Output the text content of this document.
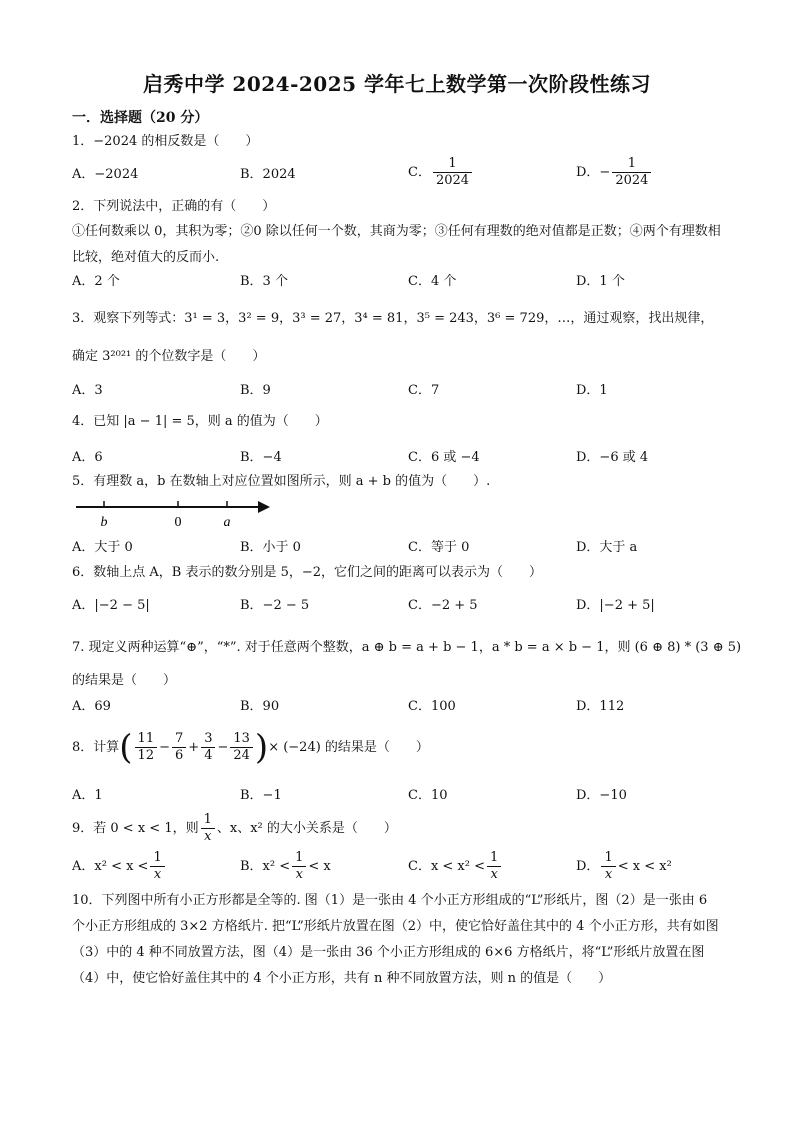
启秀中学 2024-2025 学年七上数学第一次阶段性练习
一．选择题（20 分）
1．−2024 的相反数是（　　）
A．−2024	B．2024	C． $\frac{1}{2024}$	D．− $\frac{1}{2024}$
2．下列说法中，正确的有（　　）
①任何数乘以 0，其积为零；②0 除以任何一个数，其商为零；③任何有理数的绝对值都是正数；④两个有理数相比较，绝对值大的反而小.
A．2 个	B．3 个	C．4 个	D．1 个
3．观察下列等式：3¹ = 3，3² = 9，3³ = 27，3⁴ = 81，3⁵ = 243，3⁶ = 729，…，通过观察，找出规律，
确定 3²⁰²¹ 的个位数字是（　　）
A．3	B．9	C．7	D．1
4．已知 |a − 1| = 5，则 a 的值为（　　）
A．6	B．−4	C．6 或 −4	D．−6 或 4
5．有理数 a，b 在数轴上对应位置如图所示，则 a + b 的值为（　　）.
b	0	a
A．大于 0	B．小于 0	C．等于 0	D．大于 a
6．数轴上点 A，B 表示的数分别是 5，−2，它们之间的距离可以表示为（　　）
A．|−2 − 5|	B．−2 − 5	C．−2 + 5	D．|−2 + 5|
7. 现定义两种运算“⊕”，“*”. 对于任意两个整数，a ⊕ b = a + b − 1，a * b = a × b − 1，则 (6 ⊕ 8) * (3 ⊕ 5)
的结果是（　　）
A．69	B．90	C．100	D．112
8．计算( $\frac{11}{12} - \frac{7}{6} + \frac{3}{4} - \frac{13}{24}$ )× (−24) 的结果是（　　）
A．1	B．−1	C．10	D．−10
9．若 0 < x < 1，则 $\frac{1}{x}$ 、x、x² 的大小关系是（　　）
A．$x^2 < x < \frac{1}{x}$	B．$x^2 < \frac{1}{x} < x$	C．$x < x^2 < \frac{1}{x}$	D． $\frac{1}{x} < x < x^2$
10．下列图中所有小正方形都是全等的. 图（1）是一张由 4 个小正方形组成的“L”形纸片，图（2）是一张由 6 个小正方形组成的 3×2 方格纸片. 把“L”形纸片放置在图（2）中，使它恰好盖住其中的 4 个小正方形，共有如图（3）中的 4 种不同放置方法，图（4）是一张由 36 个小正方形组成的 6×6 方格纸片，将“L”形纸片放置在图（4）中，使它恰好盖住其中的 4 个小正方形，共有 n 种不同放置方法，则 n 的值是（　　）
